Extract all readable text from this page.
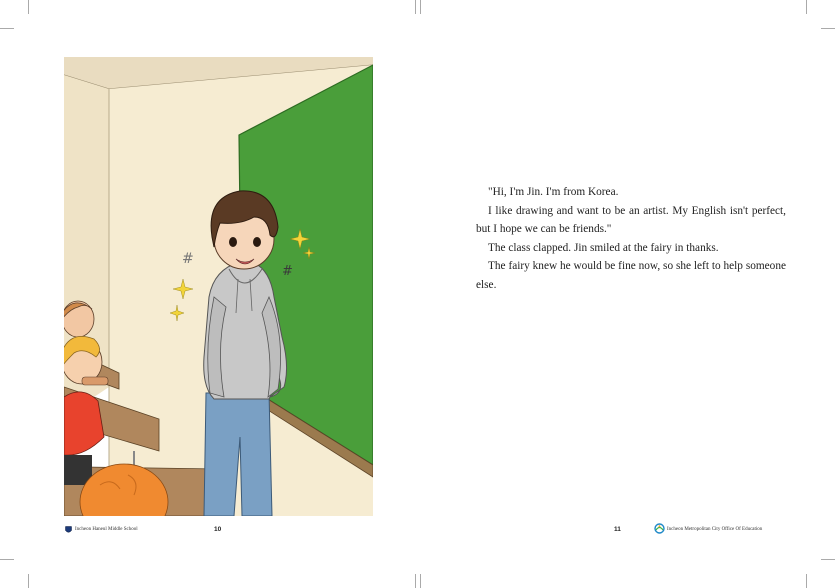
#
#

"Hi, I'm Jin. I'm from Korea.

I like drawing and want to be an artist. My English isn't perfect, but I hope we can be friends."

The class clapped. Jin smiled at the fairy in thanks.

The fairy knew he would be fine now, so she left to help someone else.

Incheon Haneul Middle School	10	11	Incheon Metropolitan City Office Of Education
